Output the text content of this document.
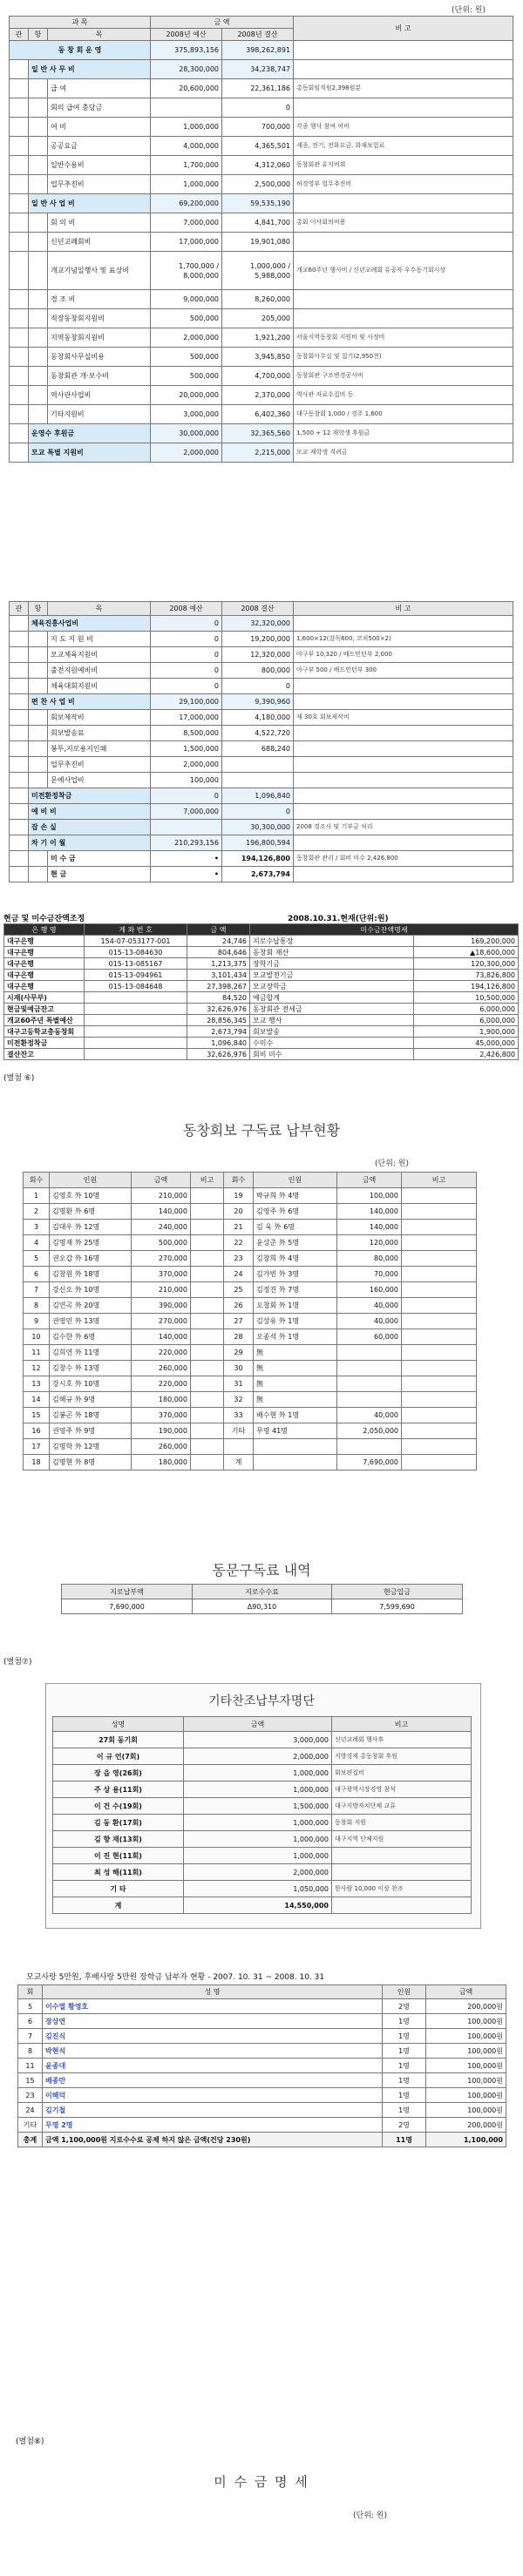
(단위: 원)
과 목			금 액		비 고
관	항	목	2008년 예산	2008년 결산	
동 창 회 운 영			375,893,156	398,262,891	
	일 반 사 무 비		28,300,000	34,238,747	
		급 여	20,600,000	22,361,186	총동회임직원2,398원분
		회의 급여 충당금		0	
		여 비	1,000,000	700,000	각종 행사 참여 여비
		공공요금	4,000,000	4,365,501	세종, 전기, 전화요금, 화재보험료
		일반수용비	1,700,000	4,312,060	동창회관 유지비외
		업무추진비	1,000,000	2,500,000	허경영부 업무추진비
	일 반 사 업 비		69,200,000	59,535,190	
		회 의 비	7,000,000	4,841,700	총회 이사회의비용
		신년교례회비	17,000,000	19,901,080	
		개교기념일행사 및 표상비	1,700,000 / 8,000,000	1,000,000 / 5,988,000	개교60주년 행사비 / 신년교례회 유공자 우수동기회시상
		경 조 비	9,000,000	8,260,000	
		직장동창회지원비	500,000	205,000	
		지역동창회지원비	2,000,000	1,921,200	서울지역동창회 지원비 및 사정비
		동창회사무실비용	500,000	3,945,850	동창회사무실 및 집기(2,950천)
		동창회관 개·보수비	500,000	4,700,000	동창회관 구조변경공사비
		역사관사업비	20,000,000	2,370,000	역사관 자료수집비 등
		기타지원비	3,000,000	6,402,360	대구동창회 1,000 / 경주 1,600
	운영수 후원금		30,000,000	32,365,560	1,500 + 12 재학생 후원금
	모교 특별 지원비		2,000,000	2,215,000	모교 재학생 격려금
관	항	목	2008 예산	2008 결산	비 고
	체육진흥사업비		0	32,320,000	
		지 도 지 원 비	0	19,200,000	1,600×12(감독600, 코치500×2)
		모교체육지원비	0	12,320,000	야구부 10,320 / 배드민턴부 2,000
		출전지원예비비	0	800,000	야구부 500 / 배드민턴부 300
		체육대회지원비	0	0	
	편 찬 사 업 비		29,100,000	9,390,960	
		회보제작비	17,000,000	4,180,000	제 30호 회보제작비
		회보발송료	8,500,000	4,522,720	
		봉투,지로용지인쇄	1,500,000	688,240	
		업무추진비	2,000,000		
		문예사업비	100,000		
	미전환정착금		0	1,096,840	
	예 비 비		7,000,000	0	
	잡 손 실			30,300,000	2008 경조사 및 기부금 처리
	차 기 이 월		210,293,156	196,800,594	
		미 수 금	•	194,126,800	동창회관 관리 / 회비 미수 2,426,800
		현 금	•	2,673,794	
현금 및 미수금잔액조정	2008.10.31.현재(단위:원)
은 행 명	계 좌 번 호	금 액	미수금잔액명세	
대구은행	154-07-053177-001	24,746	지로수납통장	169,200,000
대구은행	015-13-084630	804,646	동창회 재산	▲18,600,000
대구은행	015-13-085167	1,213,375	장학기금	120,300,000
대구은행	015-13-094961	3,101,434	모교발전기금	73,826,800
대구은행	015-13-084648	27,398,267	모교장학금	194,126,800
시재(사무부)		84,520	예금합계	10,500,000
현금및예금잔고		32,626,976	동창회관 전세금	6,000,000
개교60주년 특별예산		28,856,345	모교 행사	6,000,000
대구고등학교총동창회		2,673,794	회보발송	1,900,000
미전환정착금		1,096,840	수미수	45,000,000
결산잔고		32,626,976	회비 미수	2,426,800
(별첨 ⑥)
동창회보 구독료 납부현황
(단위: 원)
회수	인원	금액	비고	회수	인원	금액	비고
1	김영호 外 10명	210,000		19	박규희 外 4명	100,000	
2	김명환 外 6명	140,000		20	김영주 外 6명	140,000	
3	김대우 外 12명	240,000		21	김 욱 外 6명	140,000	
4	김명재 外 25명	500,000		22	윤상준 外 5명	120,000	
5	권오갑 外 16명	270,000		23	김창희 外 4명	80,000	
6	김창원 外 18명	370,000		24	김가빈 外 3명	70,000	
7	강신오 外 10명	210,000		25	김정진 外 7명	160,000	
8	김연곡 外 20명	390,000		26	오창회 外 1명	40,000	
9	권영민 外 13명	270,000		27	김상유 外 1명	40,000	
10	김수한 外 6명	140,000		28	오종석 外 1명	60,000	
11	김희연 外 11명	220,000		29	無		
12	김창수 外 13명	260,000		30	無		
13	강시호 外 10명	220,000		31	無		
14	김해규 外 9명	180,000		32	無		
15	김봉곤 外 18명	370,000		33	배수현 外 1명	40,000	
16	권영주 外 9명	190,000		기타	무명 41명	2,050,000	
17	김명학 外 12명	260,000					
18	김명현 外 8명	180,000		계		7,690,000	
동문구독료 내역
지로납부액	지로수수료	현금입금
7,690,000	Δ90,310	7,599,690
(별첨⑦)
기타찬조납부자명단
성명	금액	비고
27회 동기회	3,000,000	신년교례회 행사후
이 규 언(7회)	2,000,000	지방경제 총동창회 후원
장 읍 영(26회)	1,000,000	회보편집비
주 상 용(11회)	1,000,000	대구광역시장경영 참석
이 건 수(19회)	1,500,000	대구지방자치단체 교류
김 동 환(17회)	1,000,000	동창회 지원
김 향 재(13회)	1,000,000	대구지역 단체지원
이 진 현(11회)	1,000,000	
최 성 해(11회)	2,000,000	
기 타	1,050,000	한사람 10,000 이상 찬조
계	14,550,000	
모교사랑 5만원, 후배사랑 5만원 장학금 납부자 현황 - 2007. 10. 31 ~ 2008. 10. 31
회	성 명	인원	금액
5	이수열 황영호	2명	200,000원
6	장상연	1명	100,000원
7	김진식	1명	100,000원
8	박현석	1명	100,000원
11	윤종대	1명	100,000원
15	배종만	1명	100,000원
23	이해덕	1명	100,000원
24	김기철	1명	100,000원
기타	무명 2명	2명	200,000원
총계	금액 1,100,000원 지로수수료 공제 하지 않은 금액(건당 230원)	11명	1,100,000
(별첨⑧)
미 수 금 명 세
(단위: 원)
